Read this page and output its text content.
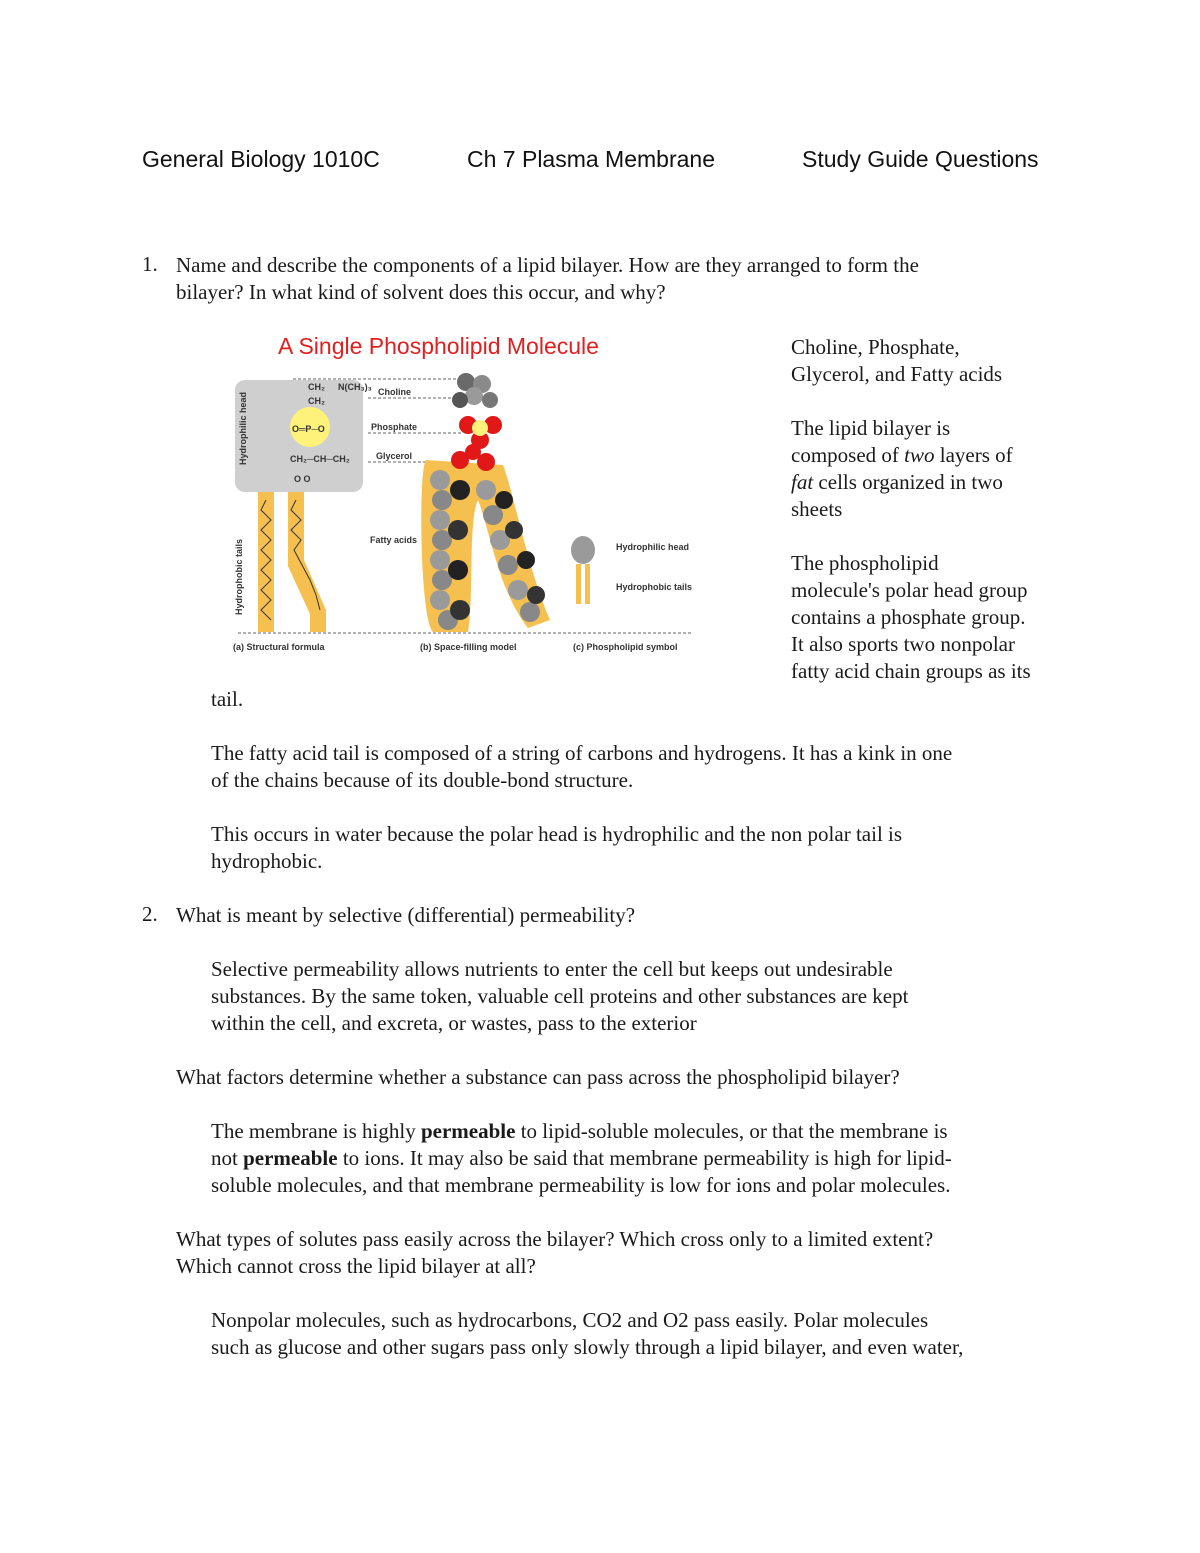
General Biology 1010C	Ch 7 Plasma Membrane	Study Guide Questions
1. Name and describe the components of a lipid bilayer. How are they arranged to form the

bilayer? In what kind of solvent does this occur, and why?

A Single Phospholipid Molecule
CH₂ N(CH₃)₃
CH₂
O═P─O
CH₂─CH─CH₂
O O
Hydrophilic head
Hydrophobic tails
Choline
Phosphate
Glycerol
Fatty acids
Hydrophilic head
Hydrophobic tails
(a) Structural formula	(b) Space-filling model	(c) Phospholipid symbol

Choline, Phosphate,

Glycerol, and Fatty acids

The lipid bilayer is

composed of two layers of

fat cells organized in two

sheets

The phospholipid

molecule's polar head group

contains a phosphate group.

It also sports two nonpolar

fatty acid chain groups as its

tail.

The fatty acid tail is composed of a string of carbons and hydrogens. It has a kink in one

of the chains because of its double-bond structure.

This occurs in water because the polar head is hydrophilic and the non polar tail is

hydrophobic.

2. What is meant by selective (differential) permeability?

Selective permeability allows nutrients to enter the cell but keeps out undesirable

substances. By the same token, valuable cell proteins and other substances are kept

within the cell, and excreta, or wastes, pass to the exterior

What factors determine whether a substance can pass across the phospholipid bilayer?

The membrane is highly permeable to lipid-soluble molecules, or that the membrane is

not permeable to ions. It may also be said that membrane permeability is high for lipid-

soluble molecules, and that membrane permeability is low for ions and polar molecules.

What types of solutes pass easily across the bilayer? Which cross only to a limited extent?

Which cannot cross the lipid bilayer at all?

Nonpolar molecules, such as hydrocarbons, CO2 and O2 pass easily. Polar molecules

such as glucose and other sugars pass only slowly through a lipid bilayer, and even water,
